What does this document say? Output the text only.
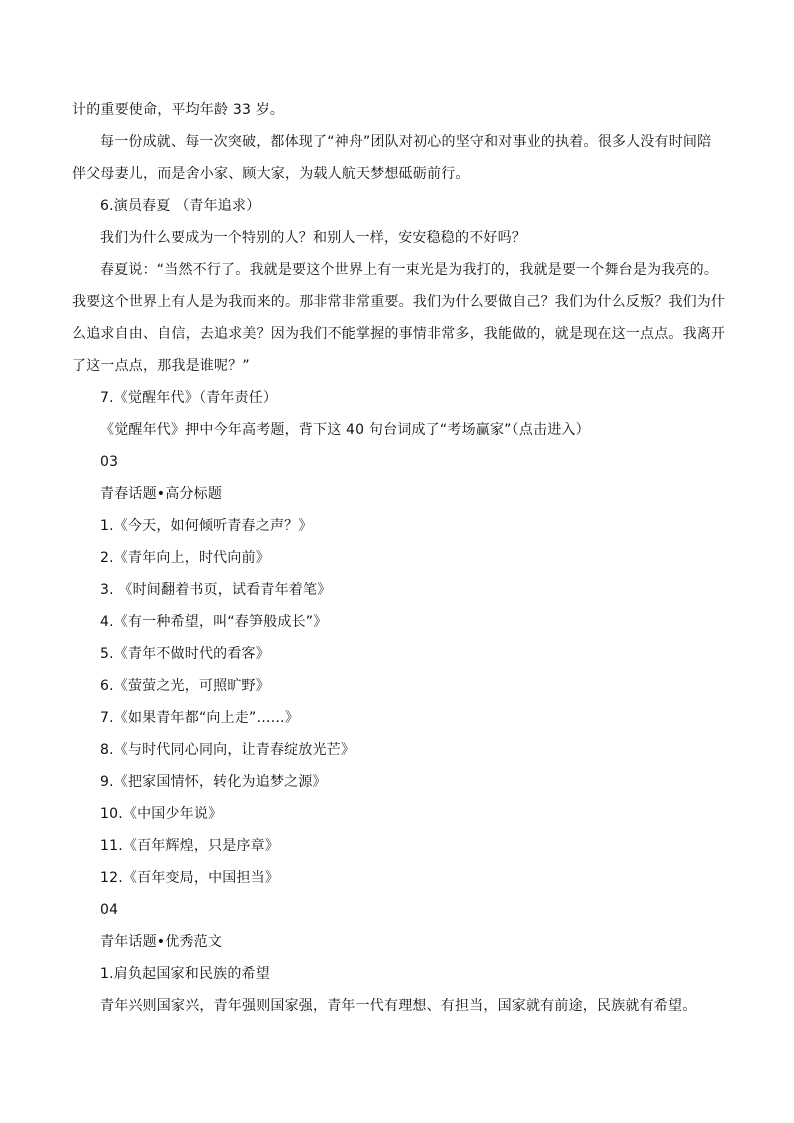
计的重要使命，平均年龄 33 岁。
每一份成就、每一次突破，都体现了“神舟”团队对初心的坚守和对事业的执着。很多人没有时间陪
伴父母妻儿，而是舍小家、顾大家，为载人航天梦想砥砺前行。
6.演员春夏 （青年追求）
我们为什么要成为一个特别的人？和别人一样，安安稳稳的不好吗？
春夏说：“当然不行了。我就是要这个世界上有一束光是为我打的，我就是要一个舞台是为我亮的。
我要这个世界上有人是为我而来的。那非常非常重要。我们为什么要做自己？我们为什么反叛？我们为什
么追求自由、自信，去追求美？因为我们不能掌握的事情非常多，我能做的，就是现在这一点点。我离开
了这一点点，那我是谁呢？”
7.《觉醒年代》（青年责任）
《觉醒年代》押中今年高考题，背下这 40 句台词成了“考场赢家”（点击进入）
03
青春话题•高分标题
1.《今天，如何倾听青春之声？》
2.《青年向上，时代向前》
3. 《时间翻着书页，试看青年着笔》
4.《有一种希望，叫“春笋般成长”》
5.《青年不做时代的看客》
6.《萤萤之光，可照旷野》
7.《如果青年都“向上走”……》
8.《与时代同心同向，让青春绽放光芒》
9.《把家国情怀，转化为追梦之源》
10.《中国少年说》
11.《百年辉煌，只是序章》
12.《百年变局，中国担当》
04
青年话题•优秀范文
1.肩负起国家和民族的希望
青年兴则国家兴，青年强则国家强，青年一代有理想、有担当，国家就有前途，民族就有希望。
